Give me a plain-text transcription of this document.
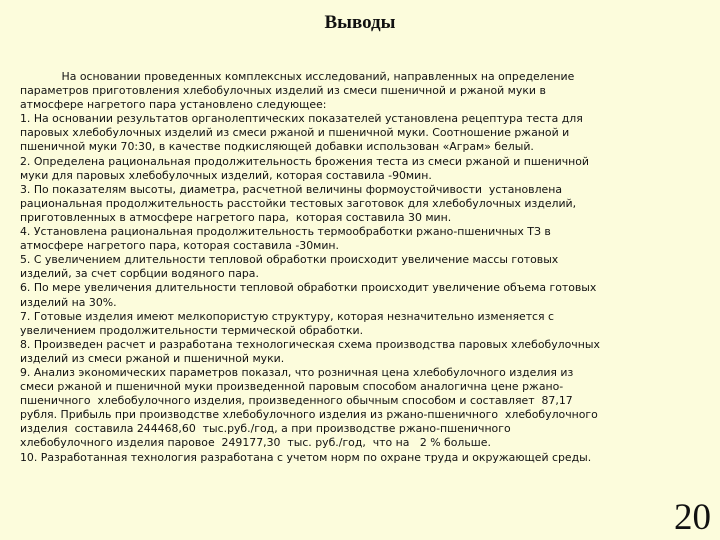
Выводы
На основании проведенных комплексных исследований, направленных на определение
параметров приготовления хлебобулочных изделий из смеси пшеничной и ржаной муки в
атмосфере нагретого пара установлено следующее:
1. На основании результатов органолептических показателей установлена рецептура теста для
паровых хлебобулочных изделий из смеси ржаной и пшеничной муки. Соотношение ржаной и
пшеничной муки 70:30, в качестве подкисляющей добавки использован «Аграм» белый.
2. Определена рациональная продолжительность брожения теста из смеси ржаной и пшеничной
муки для паровых хлебобулочных изделий, которая составила -90мин.
3. По показателям высоты, диаметра, расчетной величины формоустойчивости  установлена
рациональная продолжительность расстойки тестовых заготовок для хлебобулочных изделий,
приготовленных в атмосфере нагретого пара,  которая составила 30 мин.
4. Установлена рациональная продолжительность термообработки ржано-пшеничных ТЗ в
атмосфере нагретого пара, которая составила -30мин.
5. С увеличением длительности тепловой обработки происходит увеличение массы готовых
изделий, за счет сорбции водяного пара.
6. По мере увеличения длительности тепловой обработки происходит увеличение объема готовых
изделий на 30%.
7. Готовые изделия имеют мелкопористую структуру, которая незначительно изменяется с
увеличением продолжительности термической обработки.
8. Произведен расчет и разработана технологическая схема производства паровых хлебобулочных
изделий из смеси ржаной и пшеничной муки.
9. Анализ экономических параметров показал, что розничная цена хлебобулочного изделия из
смеси ржаной и пшеничной муки произведенной паровым способом аналогична цене ржано-
пшеничного  хлебобулочного изделия, произведенного обычным способом и составляет  87,17
рубля. Прибыль при производстве хлебобулочного изделия из ржано-пшеничного  хлебобулочного
изделия  составила 244468,60  тыс.руб./год, а при производстве ржано-пшеничного
хлебобулочного изделия паровое  249177,30  тыс. руб./год,  что на   2 % больше.
10. Разработанная технология разработана с учетом норм по охране труда и окружающей среды.
20
